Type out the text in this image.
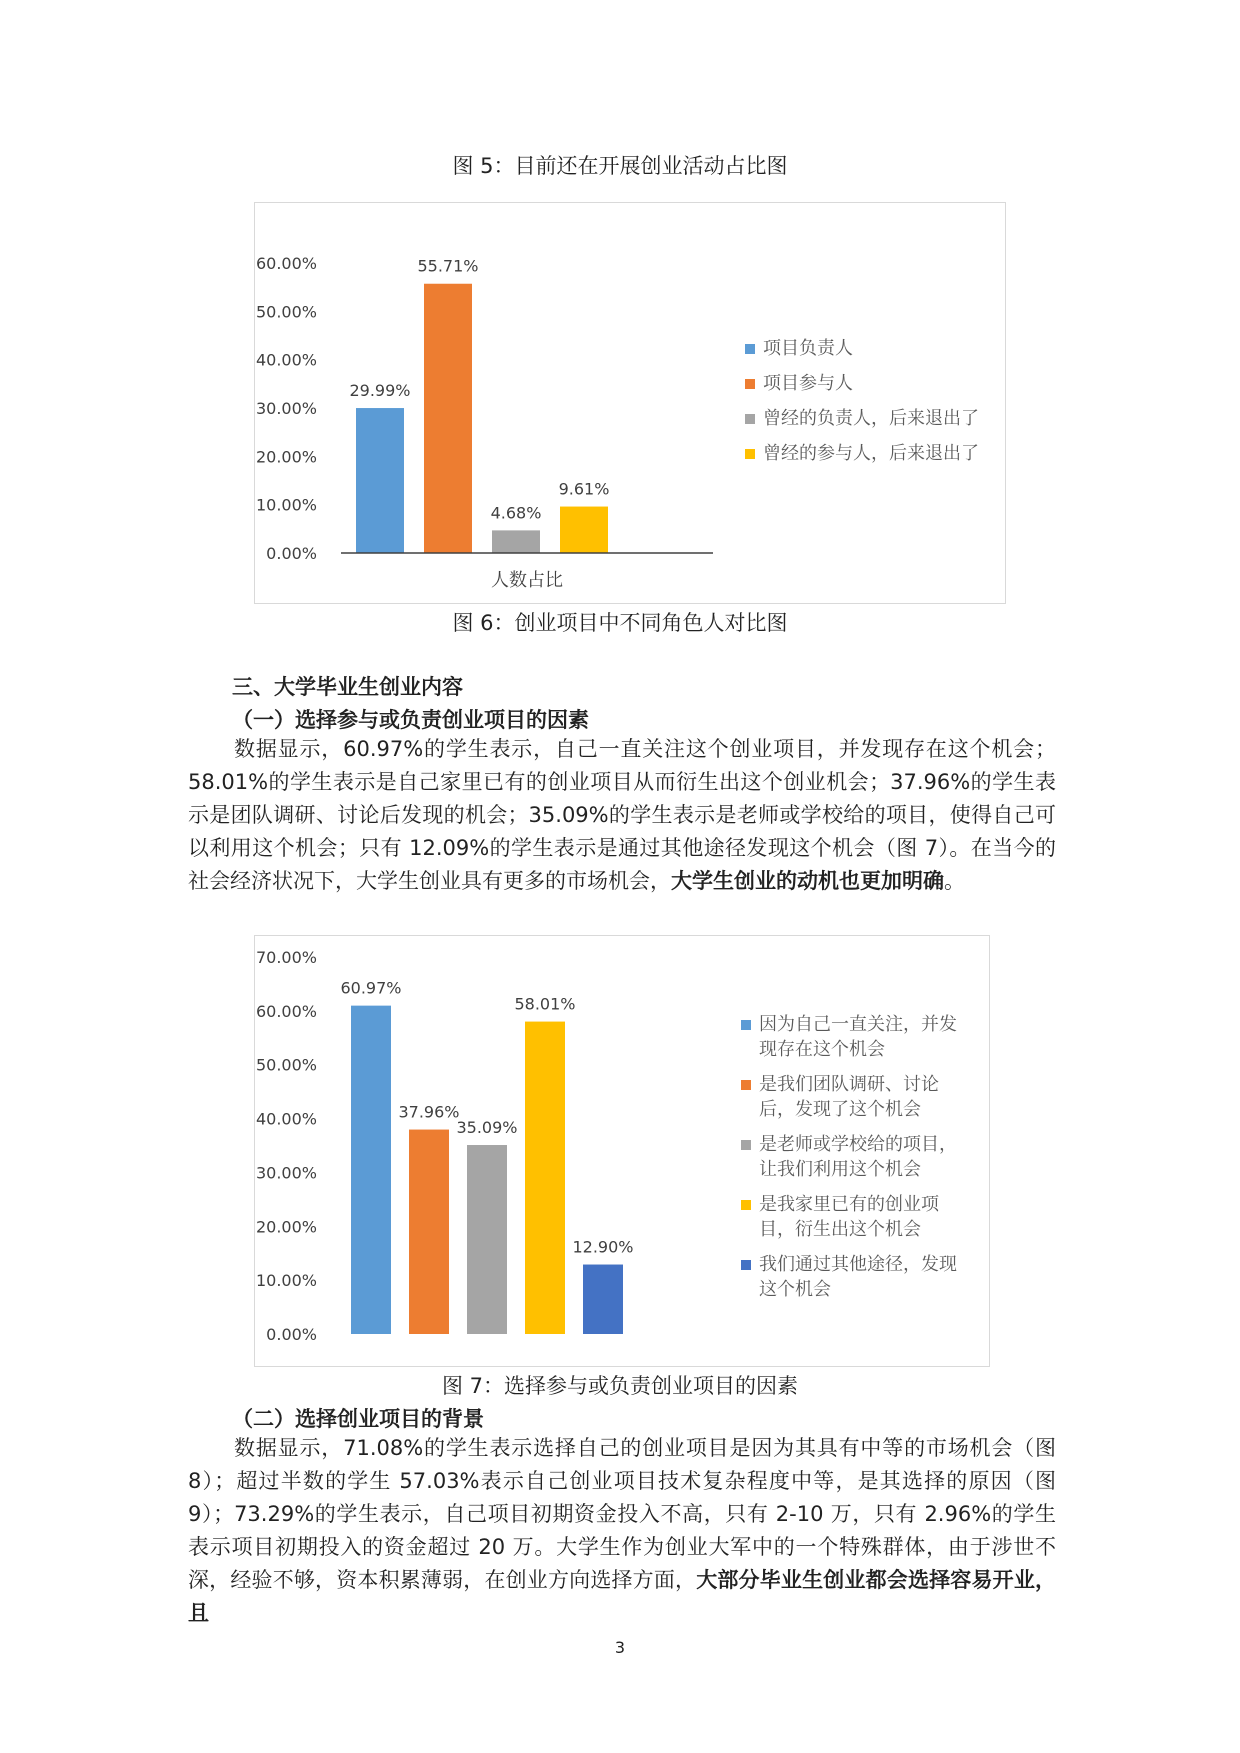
图 5：目前还在开展创业活动占比图
0.00%
10.00%
20.00%
30.00%
40.00%
50.00%
60.00%
29.99%
55.71%
4.68%
9.61%
人数占比
项目负责人
项目参与人
曾经的负责人，后来退出了
曾经的参与人，后来退出了
图 6：创业项目中不同角色人对比图
三、大学毕业生创业内容
（一）选择参与或负责创业项目的因素
数据显示，60.97%的学生表示，自己一直关注这个创业项目，并发现存在这个机会；58.01%的学生表示是自己家里已有的创业项目从而衍生出这个创业机会；37.96%的学生表示是团队调研、讨论后发现的机会；35.09%的学生表示是老师或学校给的项目，使得自己可以利用这个机会；只有 12.09%的学生表示是通过其他途径发现这个机会（图 7）。在当今的社会经济状况下，大学生创业具有更多的市场机会，大学生创业的动机也更加明确。
0.00%
10.00%
20.00%
30.00%
40.00%
50.00%
60.00%
70.00%
60.97%
37.96%
35.09%
58.01%
12.90%
因为自己一直关注，并发
现存在这个机会
是我们团队调研、讨论
后，发现了这个机会
是老师或学校给的项目，
让我们利用这个机会
是我家里已有的创业项
目，衍生出这个机会
我们通过其他途径，发现
这个机会
图 7：选择参与或负责创业项目的因素
（二）选择创业项目的背景
数据显示，71.08%的学生表示选择自己的创业项目是因为其具有中等的市场机会（图 8）；超过半数的学生 57.03%表示自己创业项目技术复杂程度中等，是其选择的原因（图 9）；73.29%的学生表示，自己项目初期资金投入不高，只有 2-10 万，只有 2.96%的学生表示项目初期投入的资金超过 20 万。大学生作为创业大军中的一个特殊群体，由于涉世不深，经验不够，资本积累薄弱，在创业方向选择方面，大部分毕业生创业都会选择容易开业，且
3
